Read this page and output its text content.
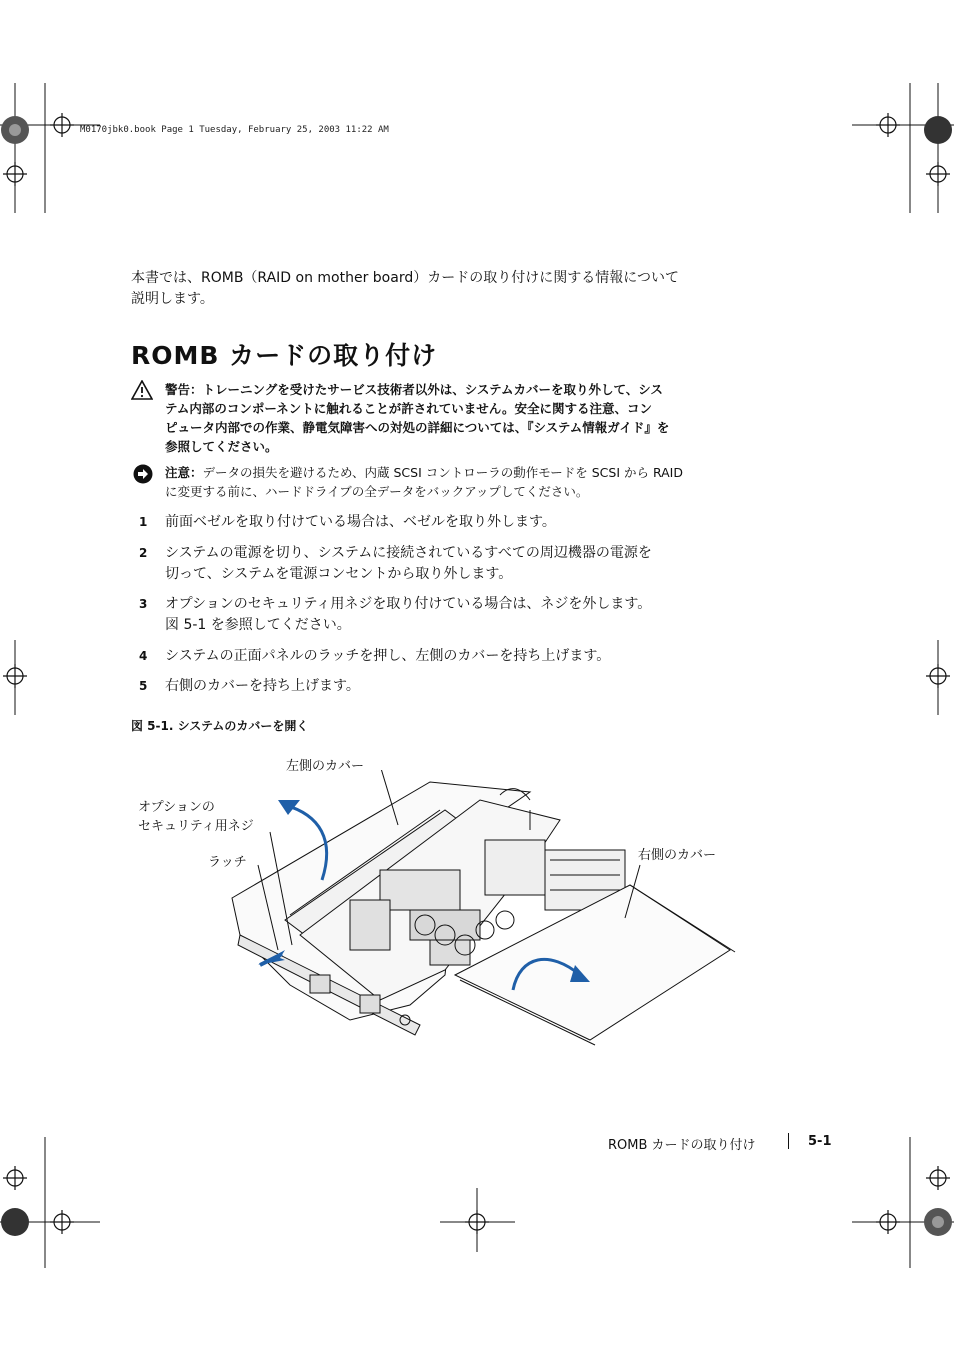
M0170jbk0.book Page 1 Tuesday, February 25, 2003 11:22 AM
本書では、ROMB（RAID on mother board）カードの取り付けに関する情報について
説明します。
ROMB カードの取り付け
警告：トレーニングを受けたサービス技術者以外は、システムカバーを取り外して、シス
テム内部のコンポーネントに触れることが許されていません。安全に関する注意、コン
ピュータ内部での作業、静電気障害への対処の詳細については、『システム情報ガイド』を
参照してください。
注意：データの損失を避けるため、内蔵 SCSI コントローラの動作モードを SCSI から RAID
に変更する前に、ハードドライブの全データをバックアップしてください。
1 前面ベゼルを取り付けている場合は、ベゼルを取り外します。
2 システムの電源を切り、システムに接続されているすべての周辺機器の電源を
切って、システムを電源コンセントから取り外します。
3 オプションのセキュリティ用ネジを取り付けている場合は、ネジを外します。
図 5-1 を参照してください。
4 システムの正面パネルのラッチを押し、左側のカバーを持ち上げます。
5 右側のカバーを持ち上げます。
図 5-1. システムのカバーを開く
左側のカバー
オプションの
セキュリティ用ネジ
ラッチ	右側のカバー
ROMB カードの取り付け	5-1
